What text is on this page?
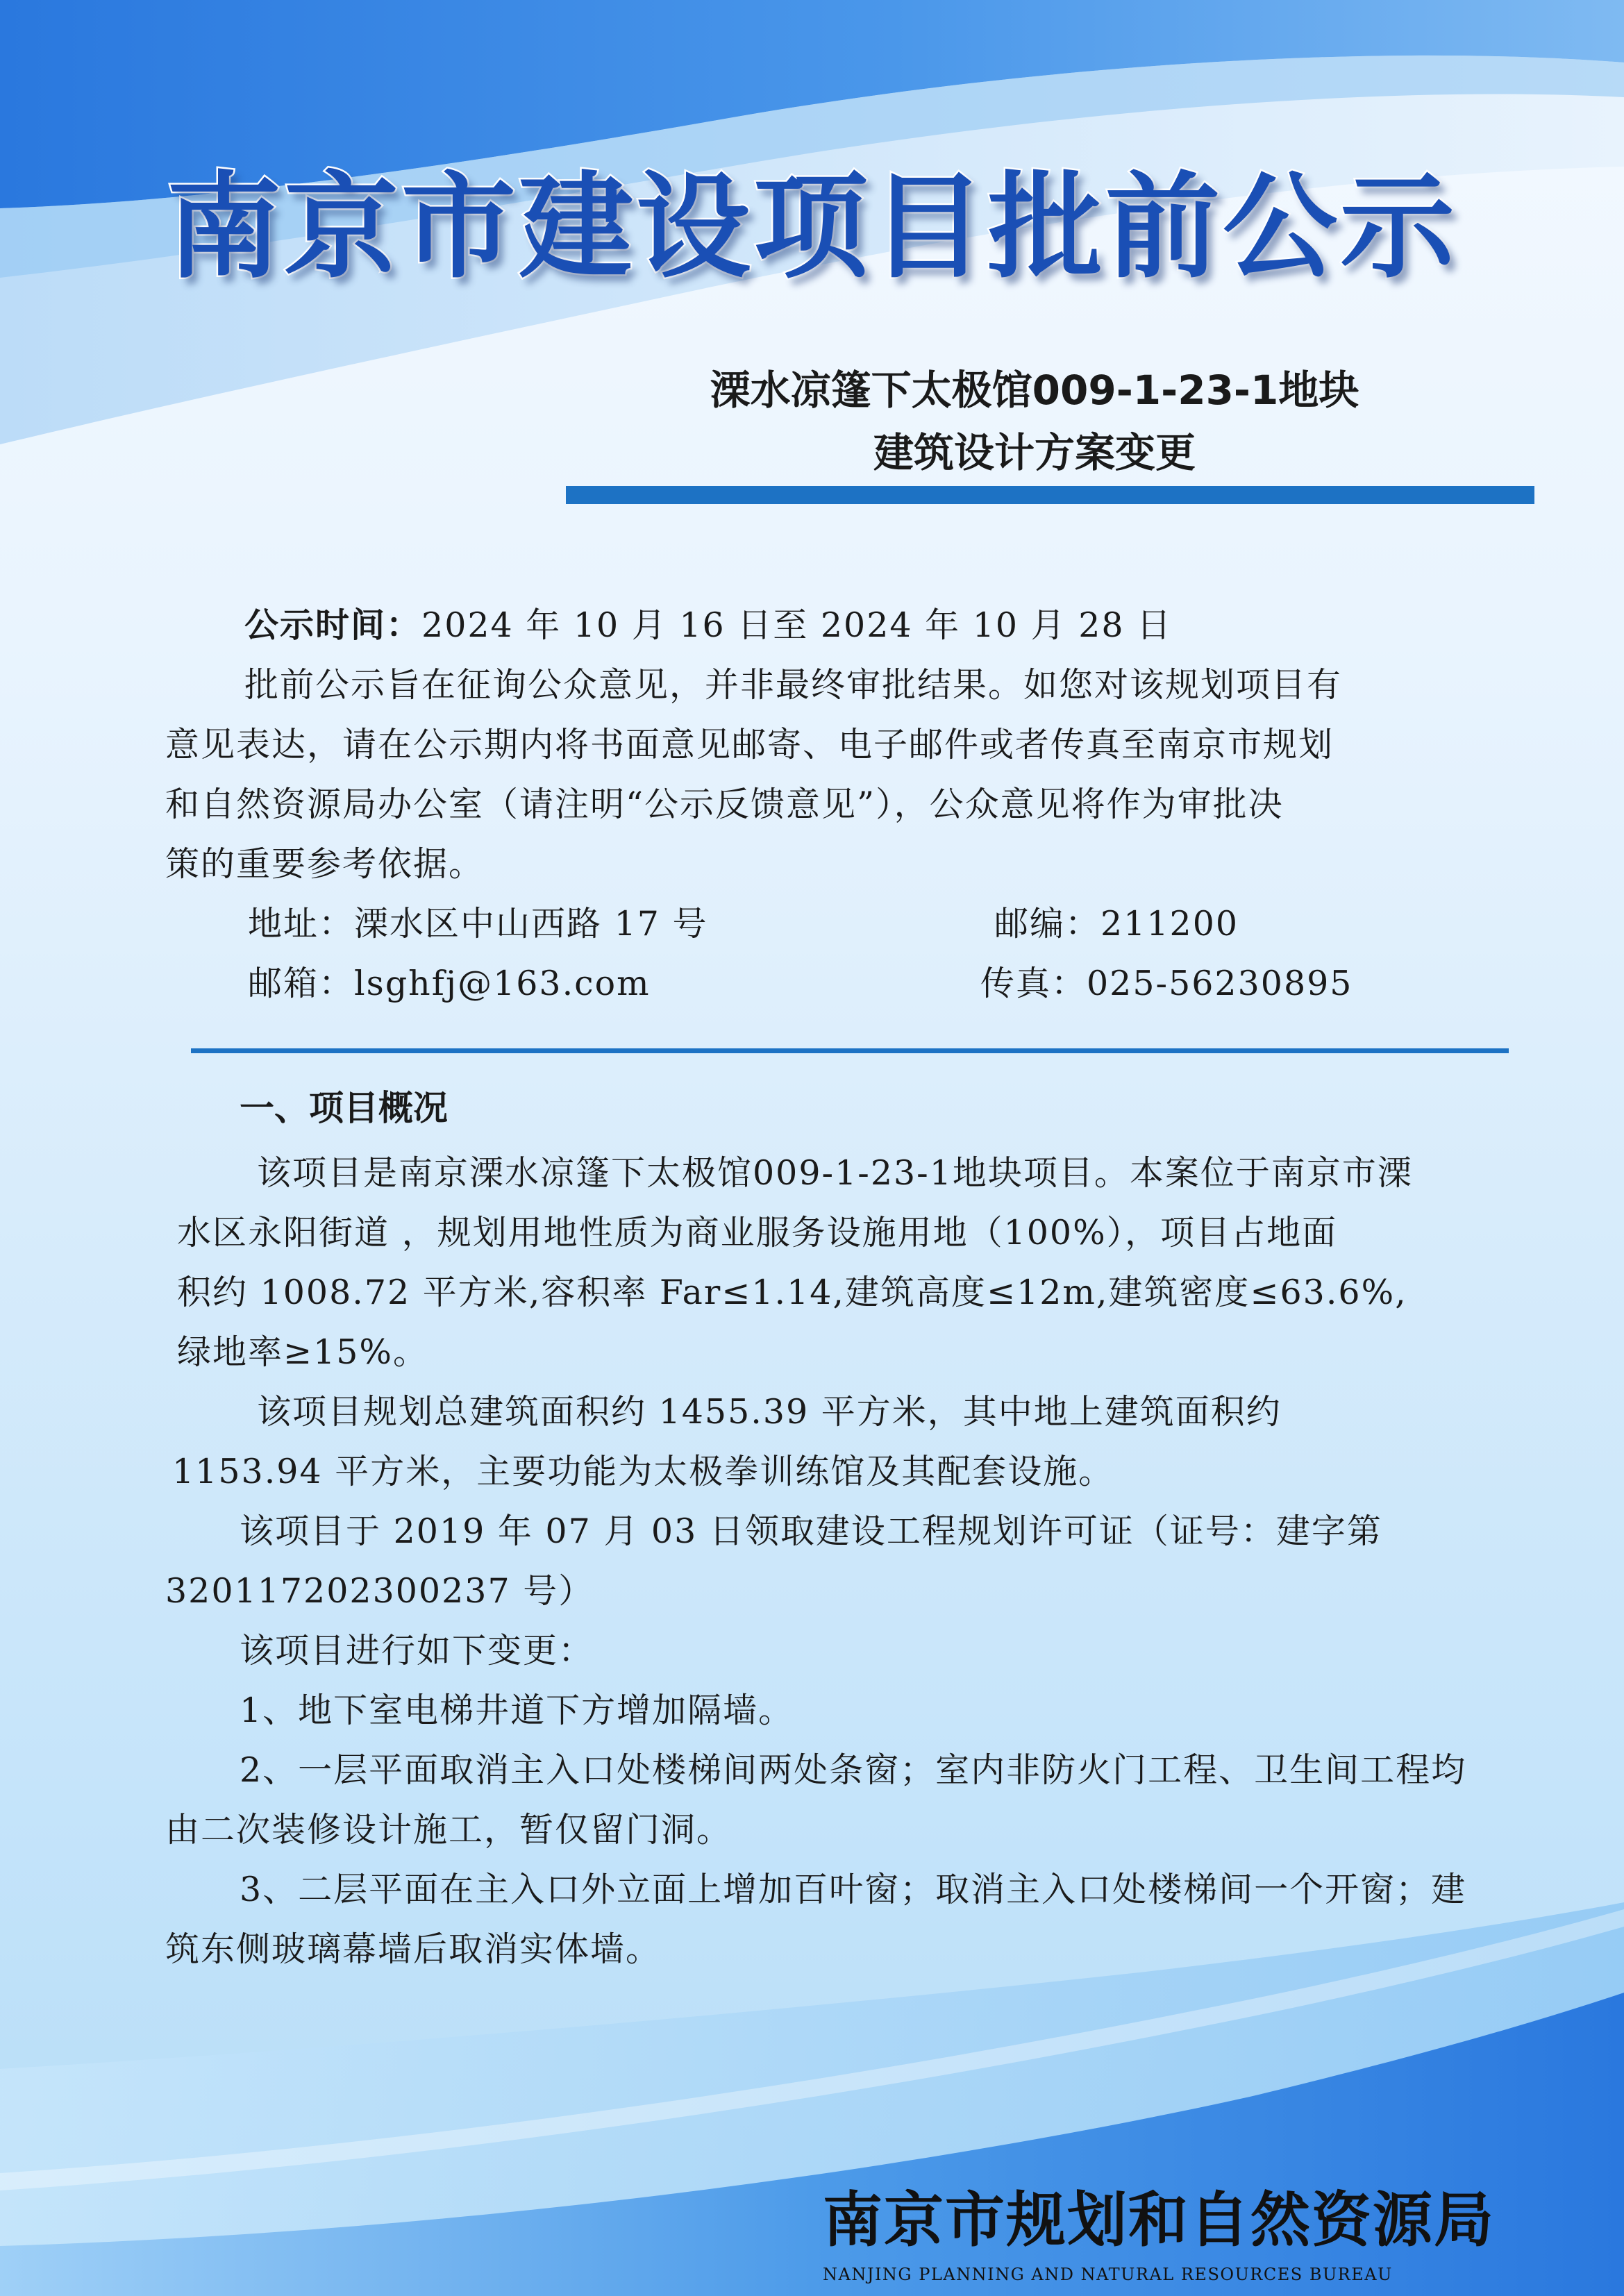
南京市建设项目批前公示
溧水凉篷下太极馆009-1-23-1地块
建筑设计方案变更
公示时间：2024 年 10 月 16 日至 2024 年 10 月 28 日
批前公示旨在征询公众意见，并非最终审批结果。如您对该规划项目有
意见表达，请在公示期内将书面意见邮寄、电子邮件或者传真至南京市规划
和自然资源局办公室（请注明“公示反馈意见”），公众意见将作为审批决
策的重要参考依据。
地址：溧水区中山西路 17 号	邮编：211200
邮箱：lsghfj@163.com	传真：025-56230895
一、项目概况
该项目是南京溧水凉篷下太极馆009-1-23-1地块项目。本案位于南京市溧
水区永阳街道 ，规划用地性质为商业服务设施用地（100%），项目占地面
积约 1008.72 平方米,容积率 Far≤1.14,建筑高度≤12m,建筑密度≤63.6%,
绿地率≥15%。
该项目规划总建筑面积约 1455.39 平方米，其中地上建筑面积约
1153.94 平方米，主要功能为太极拳训练馆及其配套设施。
该项目于 2019 年 07 月 03 日领取建设工程规划许可证（证号：建字第
320117202300237 号）
该项目进行如下变更：
1、地下室电梯井道下方增加隔墙。
2、一层平面取消主入口处楼梯间两处条窗；室内非防火门工程、卫生间工程均
由二次装修设计施工，暂仅留门洞。
3、二层平面在主入口外立面上增加百叶窗；取消主入口处楼梯间一个开窗；建
筑东侧玻璃幕墙后取消实体墙。
南京市规划和自然资源局
NANJING PLANNING AND NATURAL RESOURCES BUREAU
